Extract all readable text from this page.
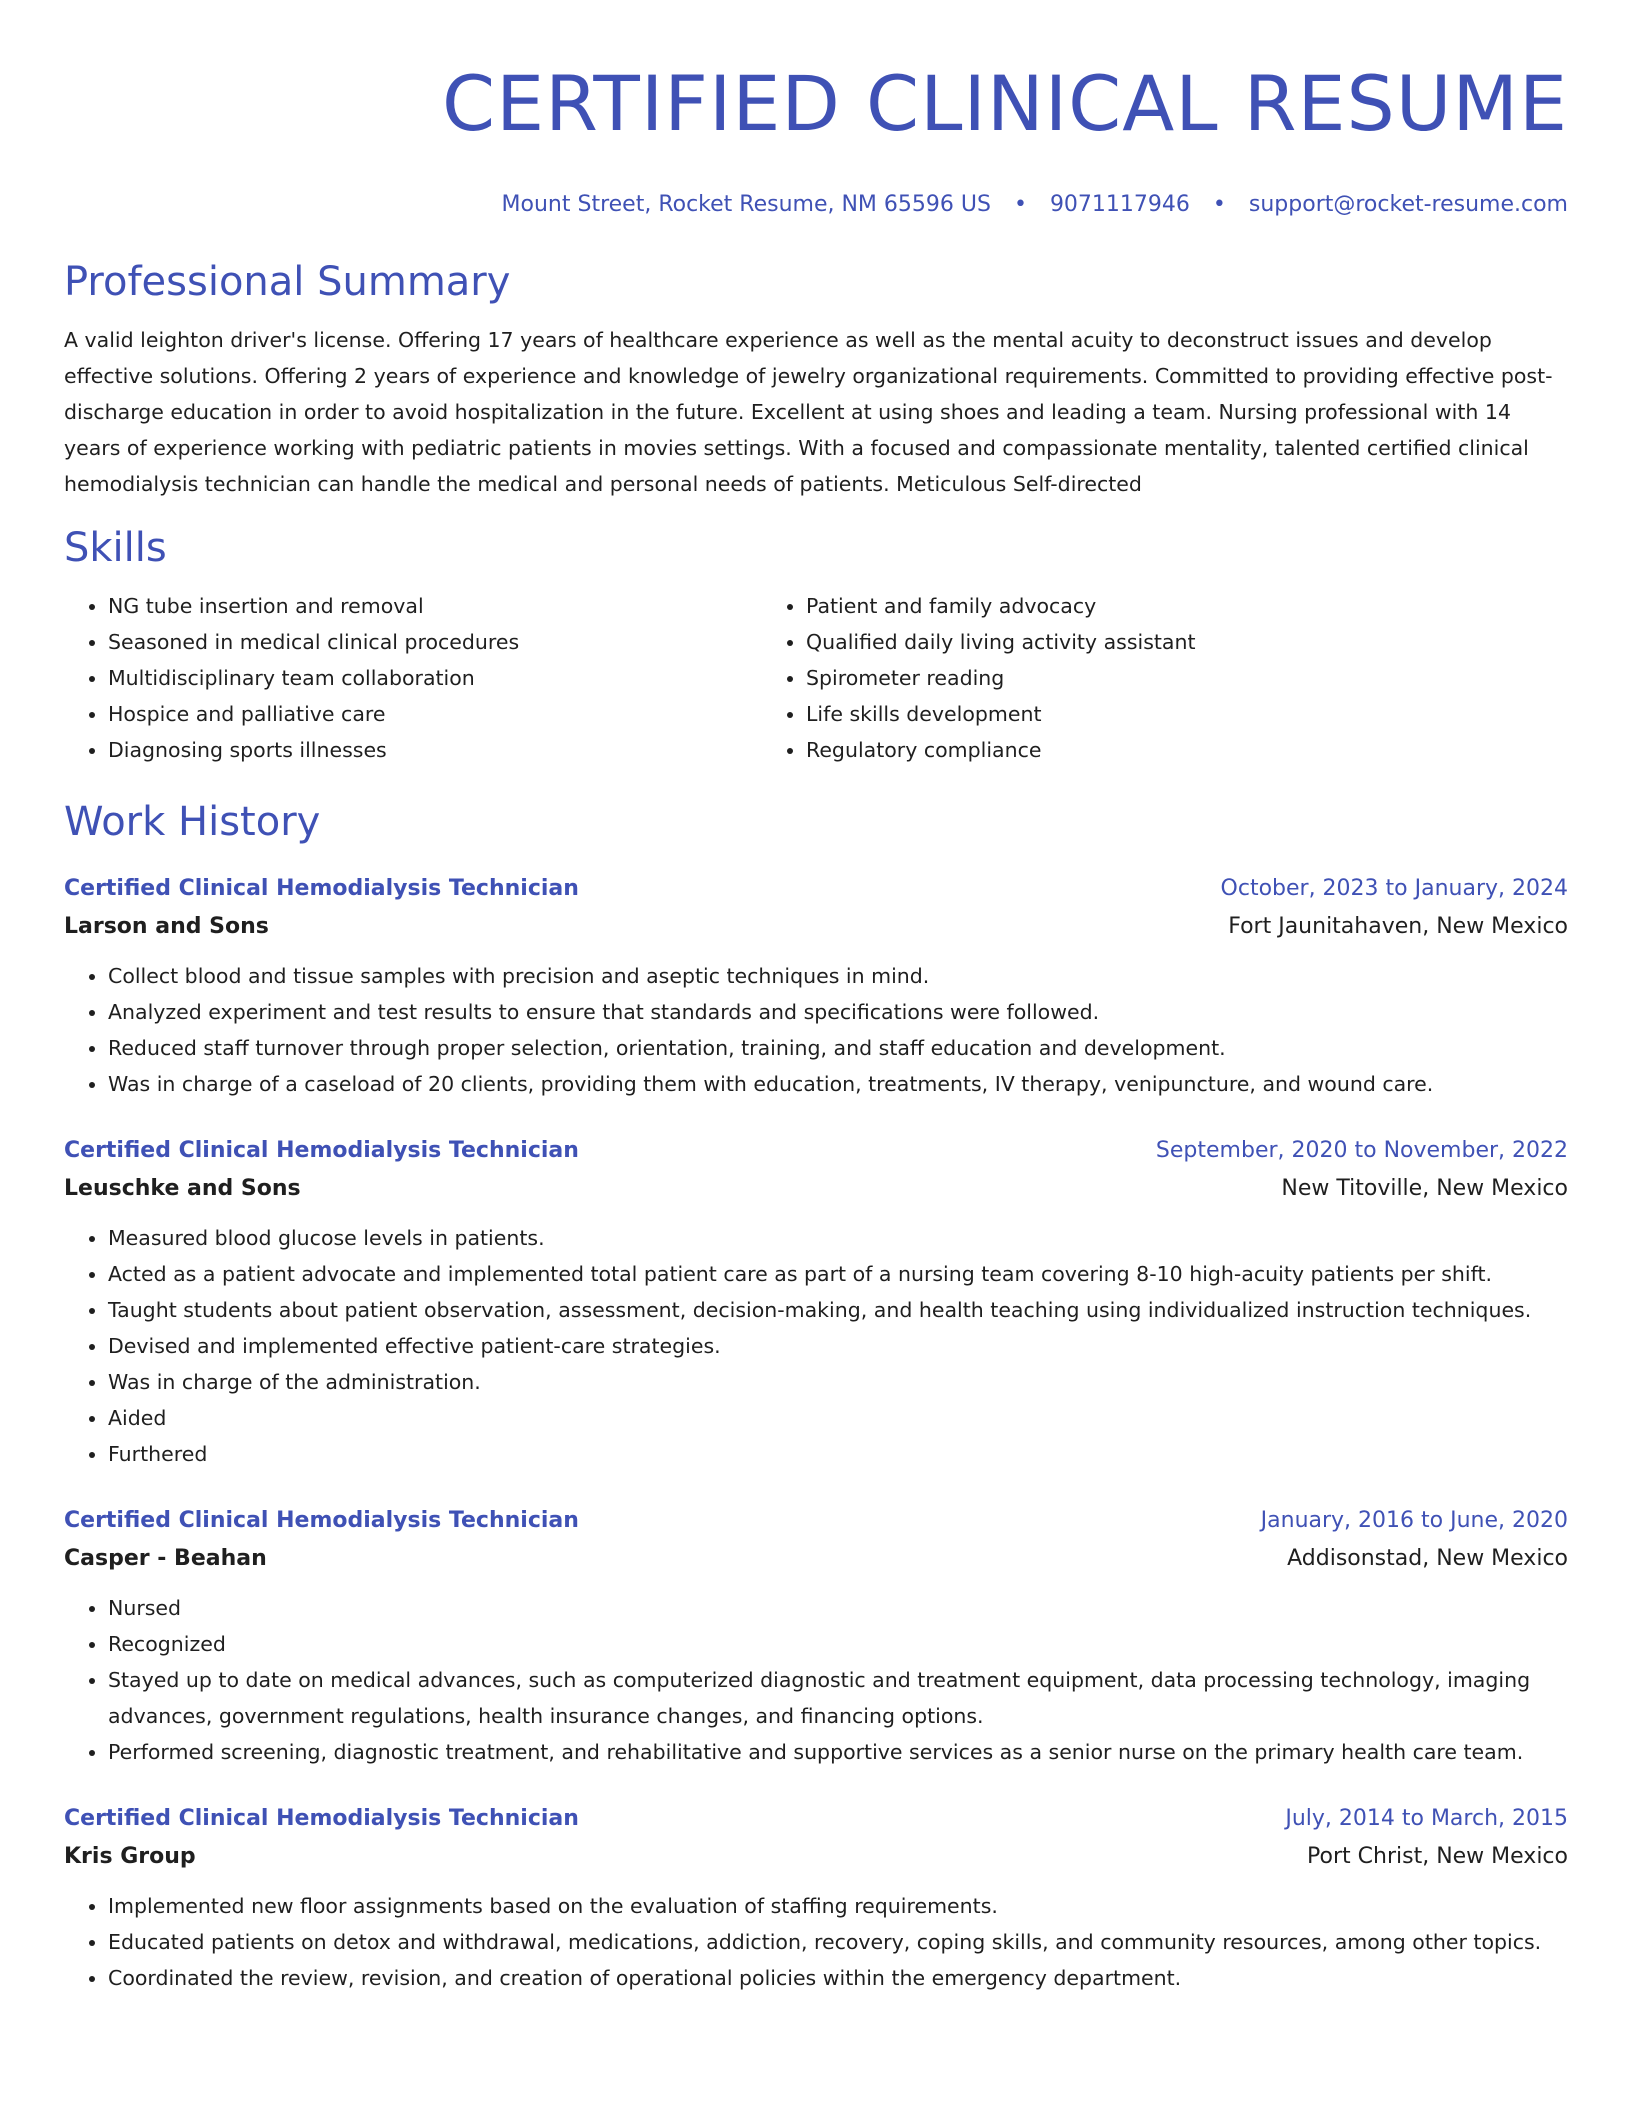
CERTIFIED CLINICAL RESUME
Mount Street, Rocket Resume, NM 65596 US • 9071117946 • support@rocket-resume.com
Professional Summary

A valid leighton driver's license. Offering 17 years of healthcare experience as well as the mental acuity to deconstruct issues and develop effective solutions. Offering 2 years of experience and knowledge of jewelry organizational requirements. Committed to providing effective post-discharge education in order to avoid hospitalization in the future. Excellent at using shoes and leading a team. Nursing professional with 14 years of experience working with pediatric patients in movies settings. With a focused and compassionate mentality, talented certified clinical hemodialysis technician can handle the medical and personal needs of patients. Meticulous Self-directed

Skills
• NG tube insertion and removal
• Seasoned in medical clinical procedures
• Multidisciplinary team collaboration
• Hospice and palliative care
• Diagnosing sports illnesses
• Patient and family advocacy
• Qualified daily living activity assistant
• Spirometer reading
• Life skills development
• Regulatory compliance
Work History
Certified Clinical Hemodialysis Technician	October, 2023 to January, 2024
Larson and Sons	Fort Jaunitahaven, New Mexico
• Collect blood and tissue samples with precision and aseptic techniques in mind.
• Analyzed experiment and test results to ensure that standards and specifications were followed.
• Reduced staff turnover through proper selection, orientation, training, and staff education and development.
• Was in charge of a caseload of 20 clients, providing them with education, treatments, IV therapy, venipuncture, and wound care.
Certified Clinical Hemodialysis Technician	September, 2020 to November, 2022
Leuschke and Sons	New Titoville, New Mexico
• Measured blood glucose levels in patients.
• Acted as a patient advocate and implemented total patient care as part of a nursing team covering 8-10 high-acuity patients per shift.
• Taught students about patient observation, assessment, decision-making, and health teaching using individualized instruction techniques.
• Devised and implemented effective patient-care strategies.
• Was in charge of the administration.
• Aided
• Furthered
Certified Clinical Hemodialysis Technician	January, 2016 to June, 2020
Casper - Beahan	Addisonstad, New Mexico
• Nursed
• Recognized
• Stayed up to date on medical advances, such as computerized diagnostic and treatment equipment, data processing technology, imaging advances, government regulations, health insurance changes, and financing options.
• Performed screening, diagnostic treatment, and rehabilitative and supportive services as a senior nurse on the primary health care team.
Certified Clinical Hemodialysis Technician	July, 2014 to March, 2015
Kris Group	Port Christ, New Mexico
• Implemented new floor assignments based on the evaluation of staffing requirements.
• Educated patients on detox and withdrawal, medications, addiction, recovery, coping skills, and community resources, among other topics.
• Coordinated the review, revision, and creation of operational policies within the emergency department.
